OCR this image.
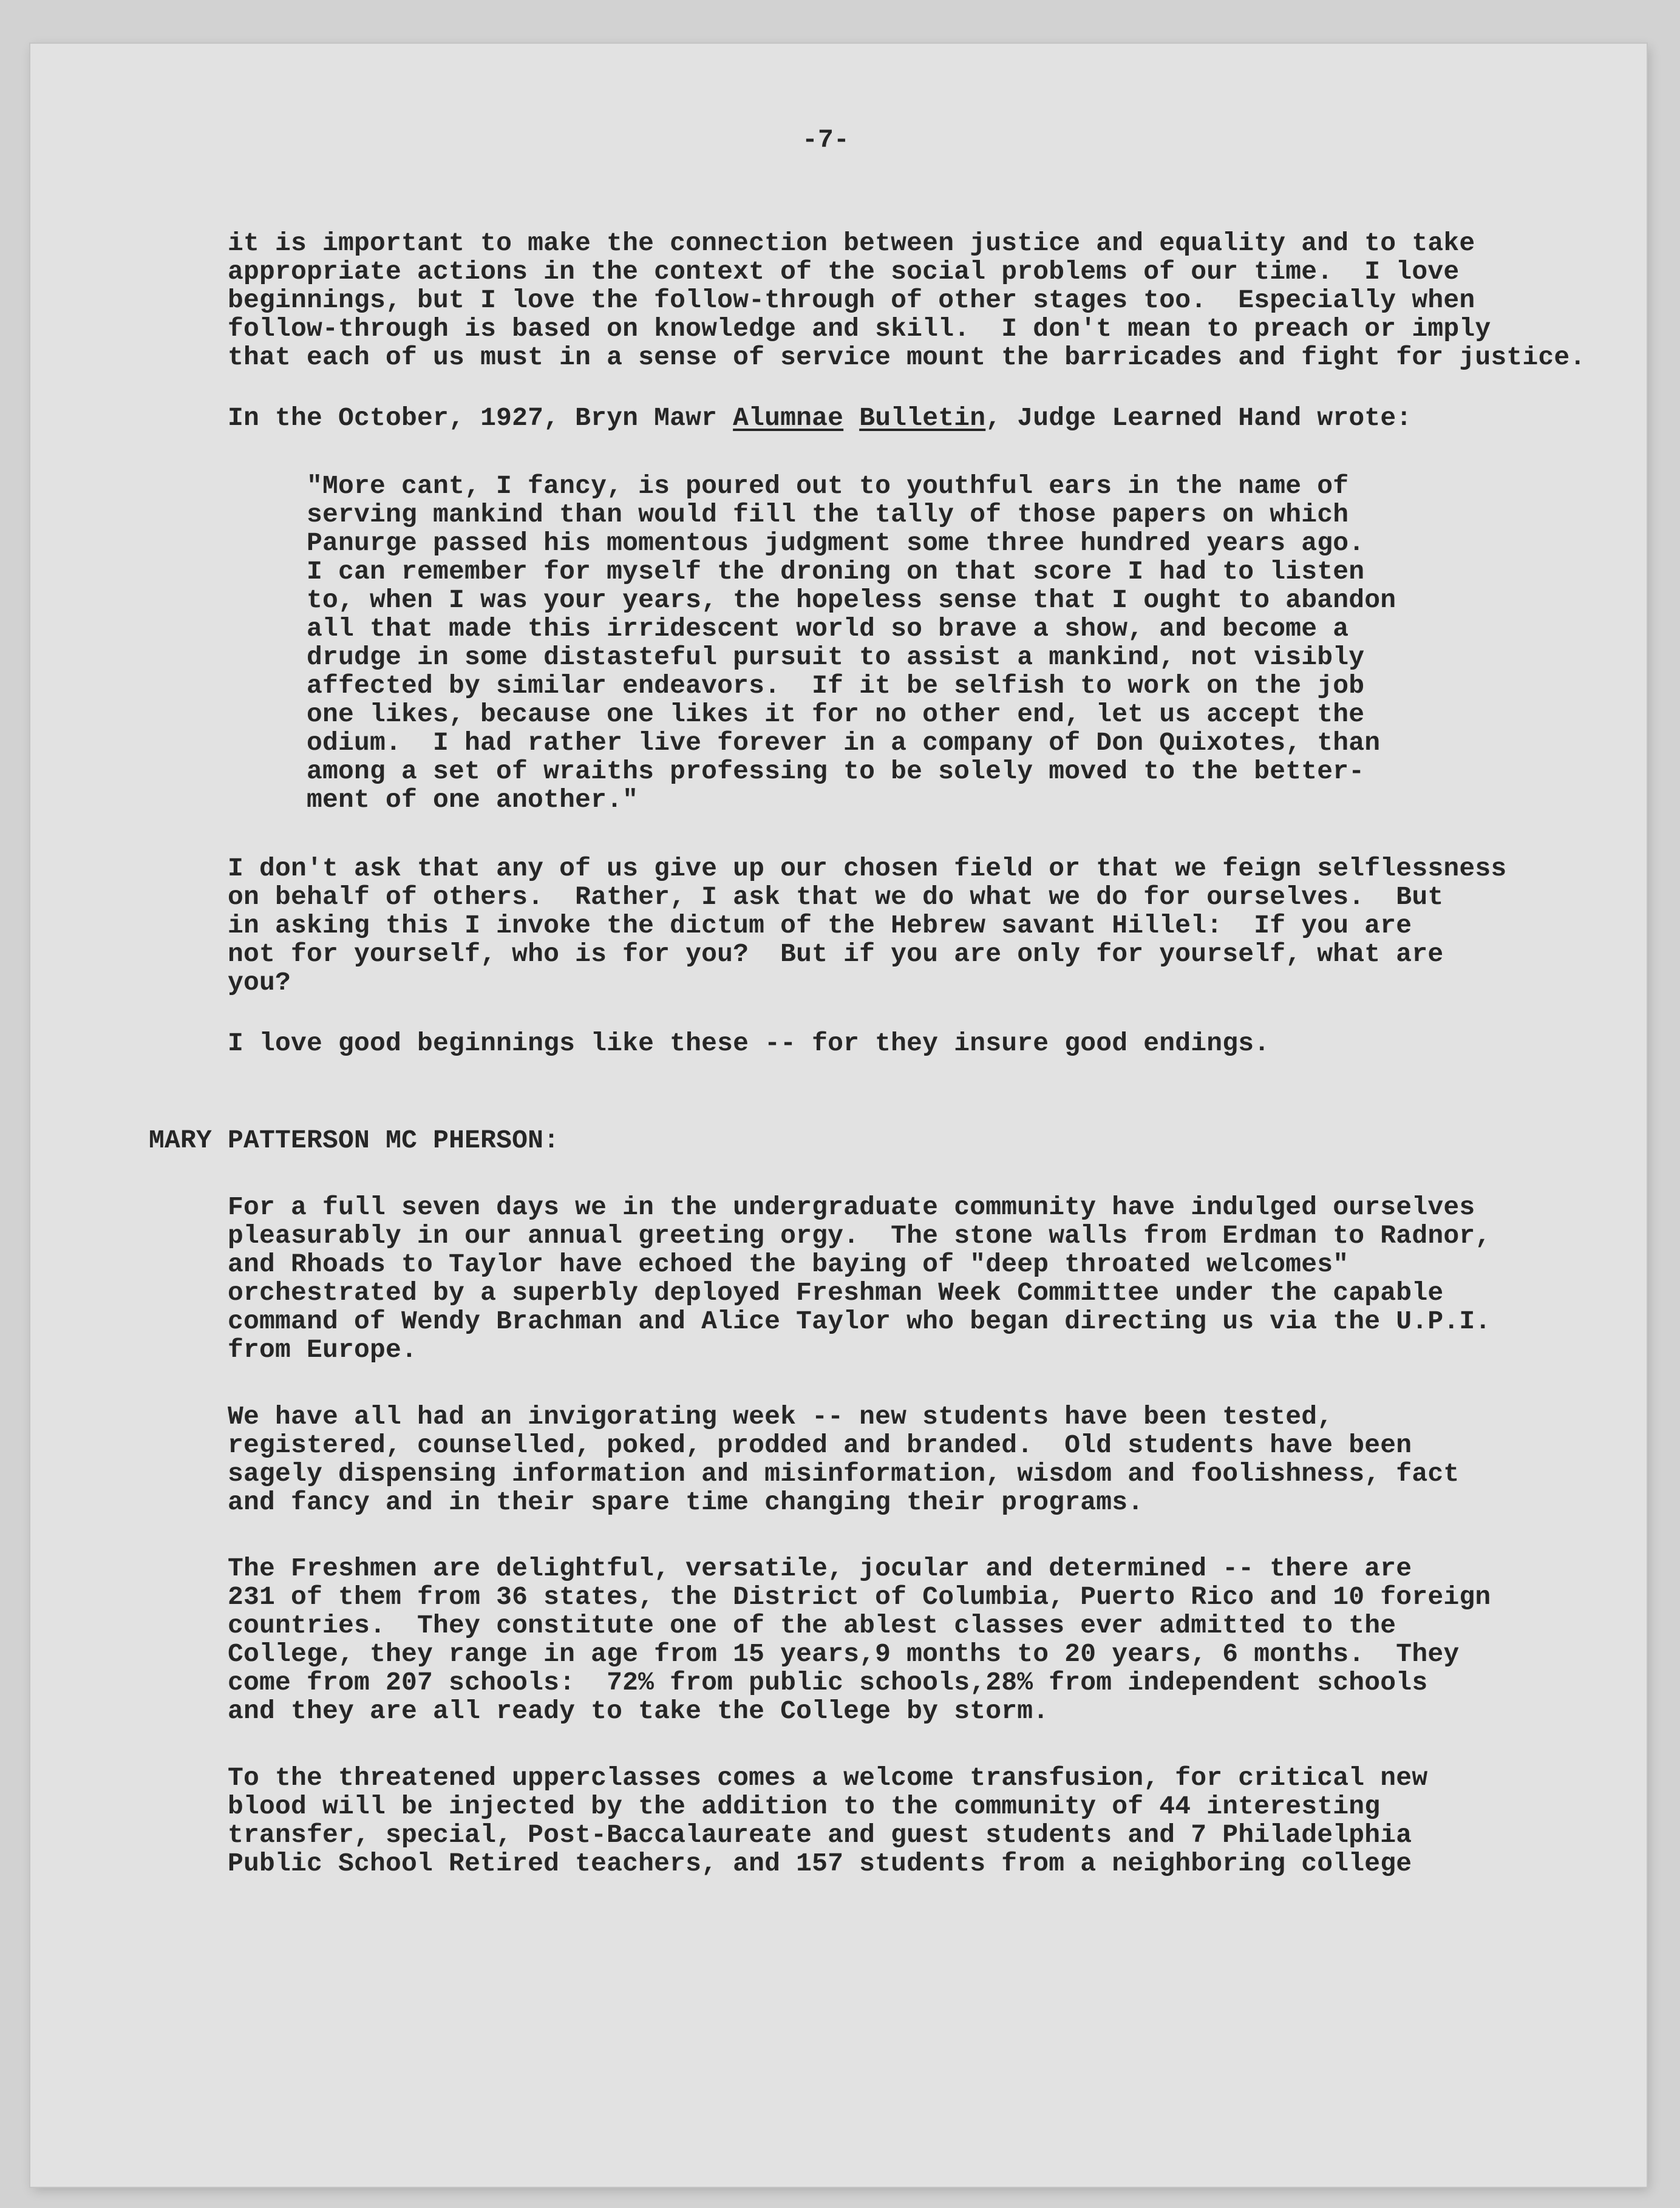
-7-
it is important to make the connection between justice and equality and to take
appropriate actions in the context of the social problems of our time.  I love
beginnings, but I love the follow-through of other stages too.  Especially when
follow-through is based on knowledge and skill.  I don't mean to preach or imply
that each of us must in a sense of service mount the barricades and fight for justice.
In the October, 1927, Bryn Mawr Alumnae Bulletin, Judge Learned Hand wrote:
"More cant, I fancy, is poured out to youthful ears in the name of
serving mankind than would fill the tally of those papers on which
Panurge passed his momentous judgment some three hundred years ago.
I can remember for myself the droning on that score I had to listen
to, when I was your years, the hopeless sense that I ought to abandon
all that made this irridescent world so brave a show, and become a
drudge in some distasteful pursuit to assist a mankind, not visibly
affected by similar endeavors.  If it be selfish to work on the job
one likes, because one likes it for no other end, let us accept the
odium.  I had rather live forever in a company of Don Quixotes, than
among a set of wraiths professing to be solely moved to the better-
ment of one another."
I don't ask that any of us give up our chosen field or that we feign selflessness
on behalf of others.  Rather, I ask that we do what we do for ourselves.  But
in asking this I invoke the dictum of the Hebrew savant Hillel:  If you are
not for yourself, who is for you?  But if you are only for yourself, what are
you?
I love good beginnings like these -- for they insure good endings.
MARY PATTERSON MC PHERSON:
For a full seven days we in the undergraduate community have indulged ourselves
pleasurably in our annual greeting orgy.  The stone walls from Erdman to Radnor,
and Rhoads to Taylor have echoed the baying of "deep throated welcomes"
orchestrated by a superbly deployed Freshman Week Committee under the capable
command of Wendy Brachman and Alice Taylor who began directing us via the U.P.I.
from Europe.
We have all had an invigorating week -- new students have been tested,
registered, counselled, poked, prodded and branded.  Old students have been
sagely dispensing information and misinformation, wisdom and foolishness, fact
and fancy and in their spare time changing their programs.
The Freshmen are delightful, versatile, jocular and determined -- there are
231 of them from 36 states, the District of Columbia, Puerto Rico and 10 foreign
countries.  They constitute one of the ablest classes ever admitted to the
College, they range in age from 15 years,9 months to 20 years, 6 months.  They
come from 207 schools:  72% from public schools,28% from independent schools
and they are all ready to take the College by storm.
To the threatened upperclasses comes a welcome transfusion, for critical new
blood will be injected by the addition to the community of 44 interesting
transfer, special, Post-Baccalaureate and guest students and 7 Philadelphia
Public School Retired teachers, and 157 students from a neighboring college
